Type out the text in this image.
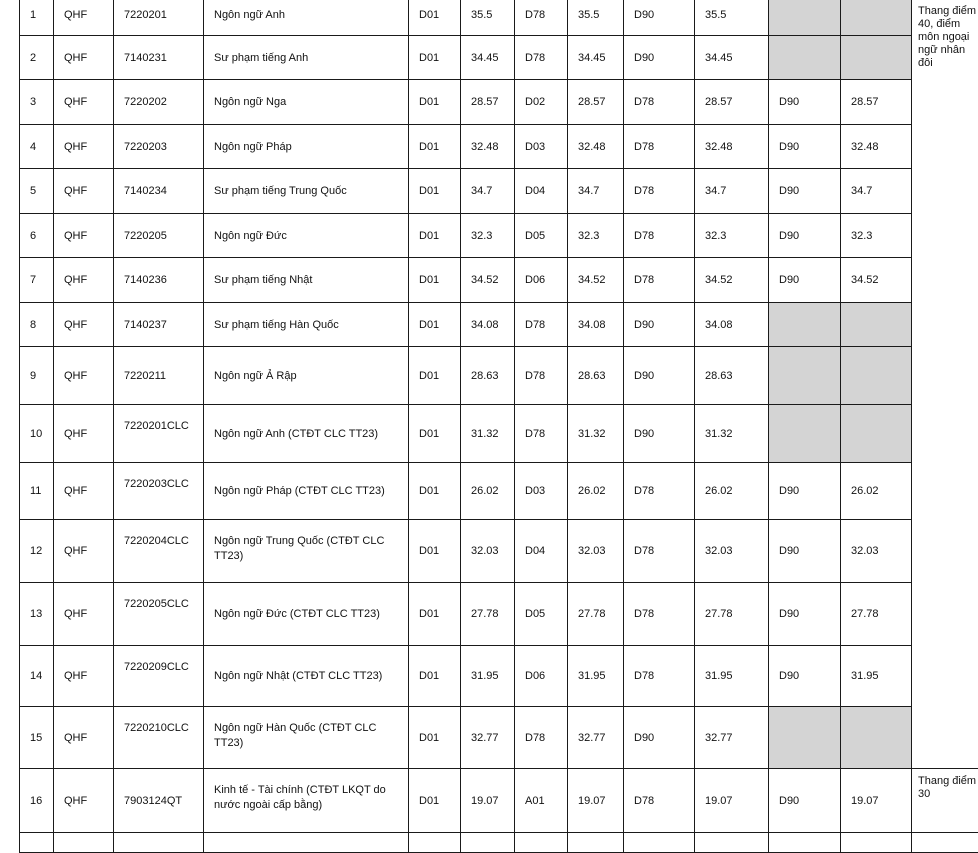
1	QHF	7220201	Ngôn ngữ Anh	D01	35.5	D78	35.5	D90	35.5			Thang điểm 40, điểm môn ngoại ngữ nhân đôi
2	QHF	7140231	Sư phạm tiếng Anh	D01	34.45	D78	34.45	D90	34.45			
3	QHF	7220202	Ngôn ngữ Nga	D01	28.57	D02	28.57	D78	28.57	D90	28.57	
4	QHF	7220203	Ngôn ngữ Pháp	D01	32.48	D03	32.48	D78	32.48	D90	32.48	
5	QHF	7140234	Sư phạm tiếng Trung Quốc	D01	34.7	D04	34.7	D78	34.7	D90	34.7	
6	QHF	7220205	Ngôn ngữ Đức	D01	32.3	D05	32.3	D78	32.3	D90	32.3	
7	QHF	7140236	Sư phạm tiếng Nhật	D01	34.52	D06	34.52	D78	34.52	D90	34.52	
8	QHF	7140237	Sư phạm tiếng Hàn Quốc	D01	34.08	D78	34.08	D90	34.08			
9	QHF	7220211	Ngôn ngữ Ả Rập	D01	28.63	D78	28.63	D90	28.63			
10	QHF	7220201CLC	Ngôn ngữ Anh (CTĐT CLC TT23)	D01	31.32	D78	31.32	D90	31.32			
11	QHF	7220203CLC	Ngôn ngữ Pháp (CTĐT CLC TT23)	D01	26.02	D03	26.02	D78	26.02	D90	26.02	
12	QHF	7220204CLC	Ngôn ngữ Trung Quốc (CTĐT CLC TT23)	D01	32.03	D04	32.03	D78	32.03	D90	32.03	
13	QHF	7220205CLC	Ngôn ngữ Đức (CTĐT CLC TT23)	D01	27.78	D05	27.78	D78	27.78	D90	27.78	
14	QHF	7220209CLC	Ngôn ngữ Nhật (CTĐT CLC TT23)	D01	31.95	D06	31.95	D78	31.95	D90	31.95	
15	QHF	7220210CLC	Ngôn ngữ Hàn Quốc (CTĐT CLC TT23)	D01	32.77	D78	32.77	D90	32.77			
16	QHF	7903124QT	Kinh tế - Tài chính (CTĐT LKQT do nước ngoài cấp bằng)	D01	19.07	A01	19.07	D78	19.07	D90	19.07	Thang điểm 30
